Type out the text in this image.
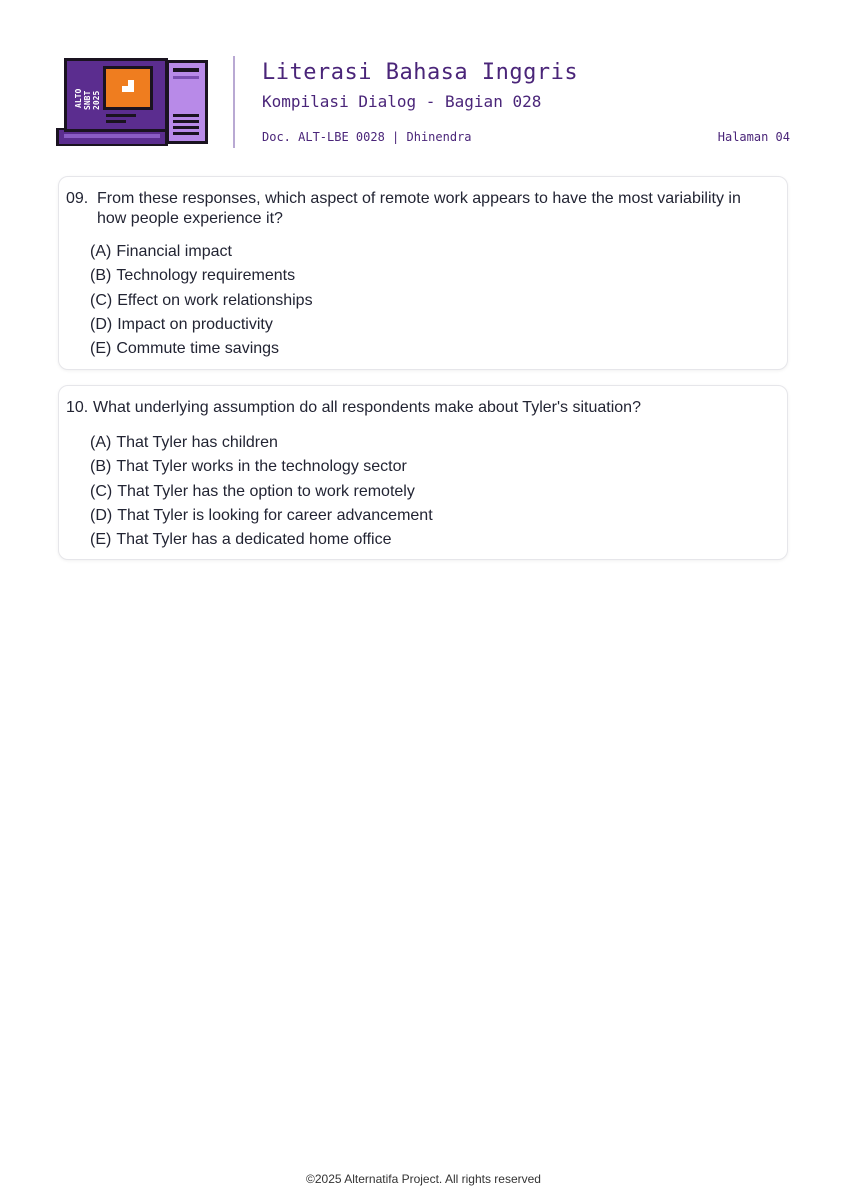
ALTO SNBT 2025
Literasi Bahasa Inggris
Kompilasi Dialog - Bagian 028
Doc. ALT-LBE 0028 | Dhinendra	Halaman 04
09. From these responses, which aspect of remote work appears to have the most variability in how people experience it?
(A) Financial impact
(B) Technology requirements
(C) Effect on work relationships
(D) Impact on productivity
(E) Commute time savings
10. What underlying assumption do all respondents make about Tyler's situation?
(A) That Tyler has children
(B) That Tyler works in the technology sector
(C) That Tyler has the option to work remotely
(D) That Tyler is looking for career advancement
(E) That Tyler has a dedicated home office
©2025 Alternatifa Project. All rights reserved
